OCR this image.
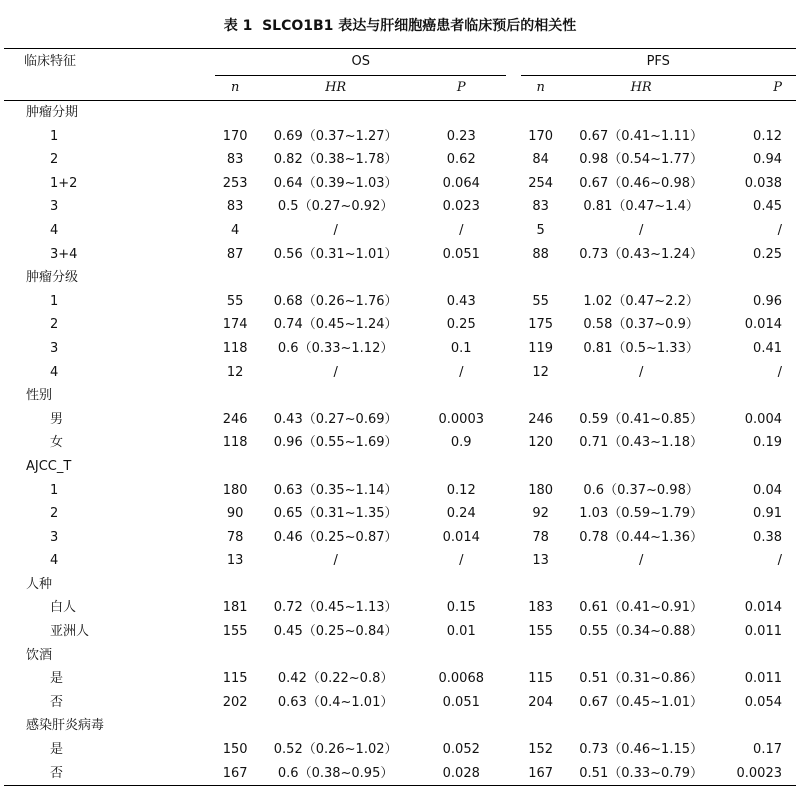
表 1 SLCO1B1 表达与肝细胞癌患者临床预后的相关性
临床特征		OS				PFS		
		n	HR	P		n	HR	P
肿瘤分期								
1		170	0.69（0.37~1.27）	0.23		170	0.67（0.41~1.11）	0.12
2		83	0.82（0.38~1.78）	0.62		84	0.98（0.54~1.77）	0.94
1+2		253	0.64（0.39~1.03）	0.064		254	0.67（0.46~0.98）	0.038
3		83	0.5（0.27~0.92）	0.023		83	0.81（0.47~1.4）	0.45
4		4	/	/		5	/	/
3+4		87	0.56（0.31~1.01）	0.051		88	0.73（0.43~1.24）	0.25
肿瘤分级								
1		55	0.68（0.26~1.76）	0.43		55	1.02（0.47~2.2）	0.96
2		174	0.74（0.45~1.24）	0.25		175	0.58（0.37~0.9）	0.014
3		118	0.6（0.33~1.12）	0.1		119	0.81（0.5~1.33）	0.41
4		12	/	/		12	/	/
性别								
男		246	0.43（0.27~0.69）	0.0003		246	0.59（0.41~0.85）	0.004
女		118	0.96（0.55~1.69）	0.9		120	0.71（0.43~1.18）	0.19
AJCC_T								
1		180	0.63（0.35~1.14）	0.12		180	0.6（0.37~0.98）	0.04
2		90	0.65（0.31~1.35）	0.24		92	1.03（0.59~1.79）	0.91
3		78	0.46（0.25~0.87）	0.014		78	0.78（0.44~1.36）	0.38
4		13	/	/		13	/	/
人种								
白人		181	0.72（0.45~1.13）	0.15		183	0.61（0.41~0.91）	0.014
亚洲人		155	0.45（0.25~0.84）	0.01		155	0.55（0.34~0.88）	0.011
饮酒								
是		115	0.42（0.22~0.8）	0.0068		115	0.51（0.31~0.86）	0.011
否		202	0.63（0.4~1.01）	0.051		204	0.67（0.45~1.01）	0.054
感染肝炎病毒								
是		150	0.52（0.26~1.02）	0.052		152	0.73（0.46~1.15）	0.17
否		167	0.6（0.38~0.95）	0.028		167	0.51（0.33~0.79）	0.0023
